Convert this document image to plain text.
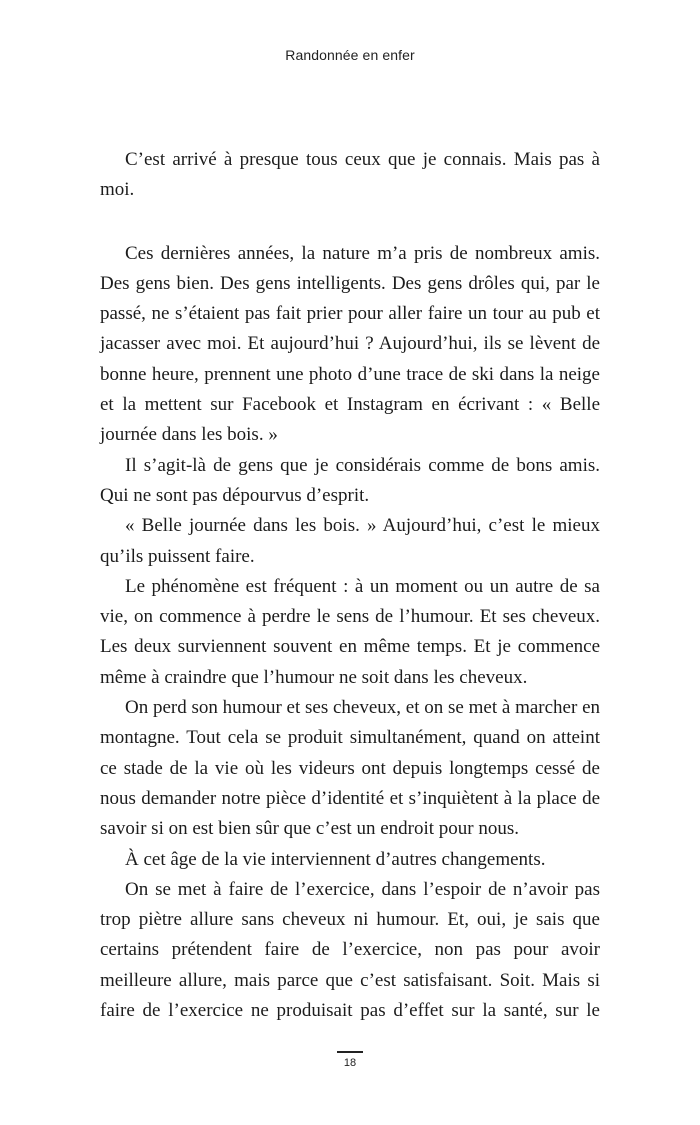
Randonnée en enfer

C’est arrivé à presque tous ceux que je connais. Mais pas à moi.

Ces dernières années, la nature m’a pris de nombreux amis. Des gens bien. Des gens intelligents. Des gens drôles qui, par le passé, ne s’étaient pas fait prier pour aller faire un tour au pub et jacasser avec moi. Et aujourd’hui ? Aujourd’hui, ils se lèvent de bonne heure, prennent une photo d’une trace de ski dans la neige et la mettent sur Facebook et Instagram en écrivant : « Belle journée dans les bois. »

Il s’agit-là de gens que je considérais comme de bons amis. Qui ne sont pas dépourvus d’esprit.

« Belle journée dans les bois. » Aujourd’hui, c’est le mieux qu’ils puissent faire.

Le phénomène est fréquent : à un moment ou un autre de sa vie, on commence à perdre le sens de l’humour. Et ses cheveux. Les deux surviennent souvent en même temps. Et je commence même à craindre que l’humour ne soit dans les cheveux.

On perd son humour et ses cheveux, et on se met à marcher en montagne. Tout cela se produit simultanément, quand on atteint ce stade de la vie où les videurs ont depuis longtemps cessé de nous demander notre pièce d’identité et s’inquiètent à la place de savoir si on est bien sûr que c’est un endroit pour nous.

À cet âge de la vie interviennent d’autres changements.

On se met à faire de l’exercice, dans l’espoir de n’avoir pas trop piètre allure sans cheveux ni humour. Et, oui, je sais que certains prétendent faire de l’exercice, non pas pour avoir meilleure allure, mais parce que c’est satisfaisant. Soit. Mais si faire de l’exercice ne produisait pas d’effet sur la santé, sur le

18
